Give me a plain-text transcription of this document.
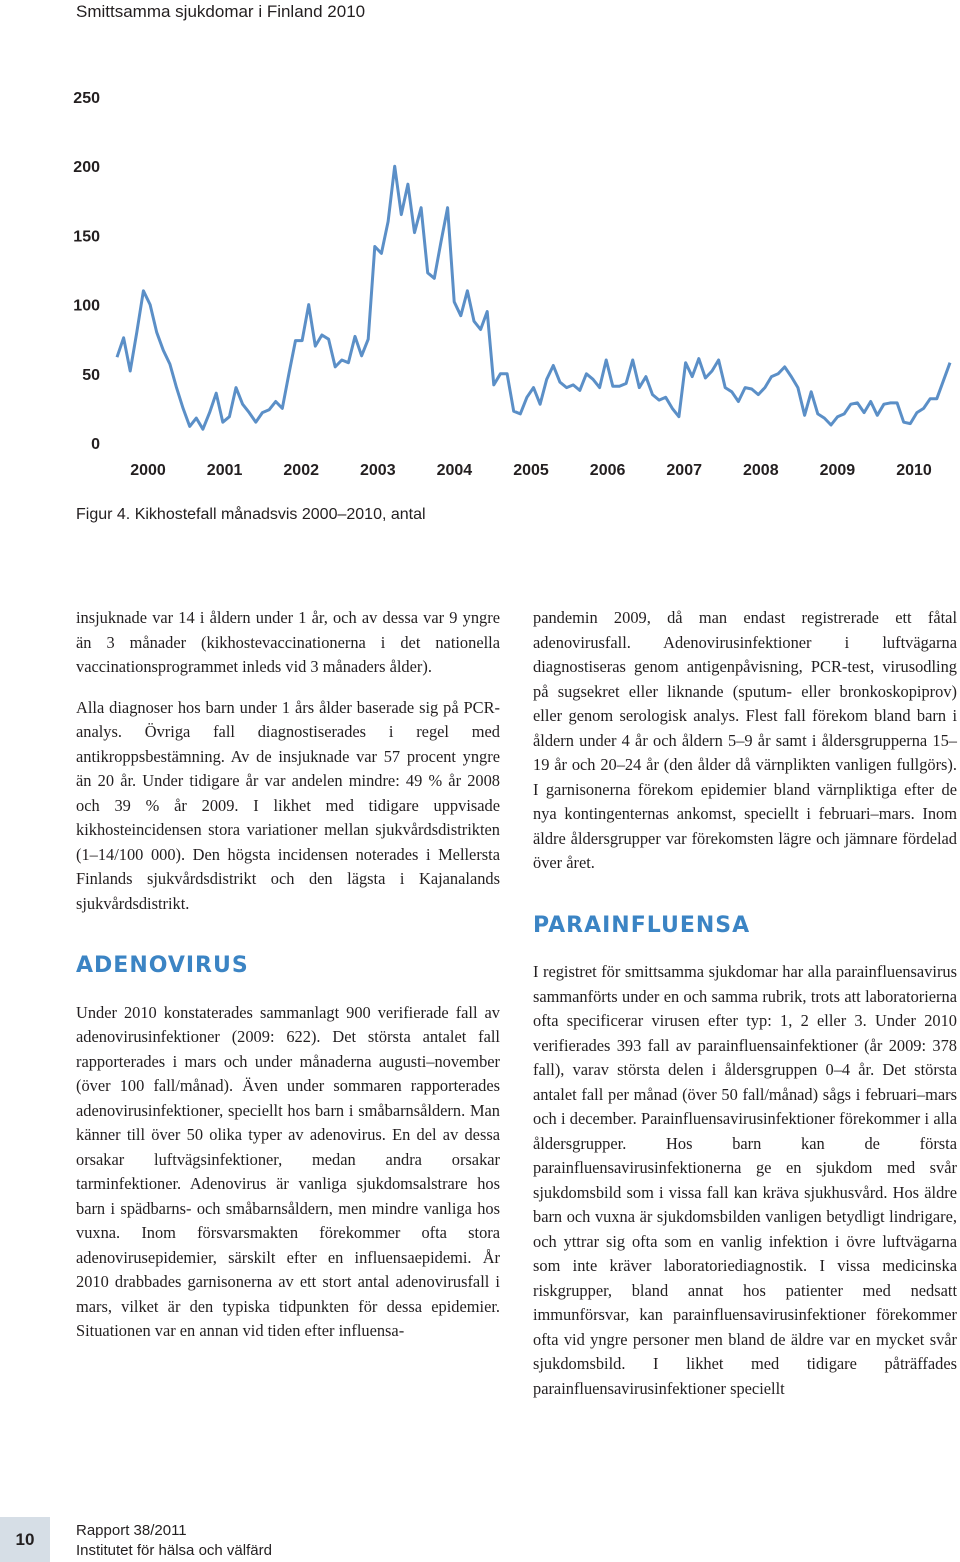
Smittsamma sjukdomar i Finland 2010
250
200
150
100
50
0
2000	2001	2002	2003	2004	2005	2006	2007	2008	2009	2010
Figur 4. Kikhostefall månadsvis 2000–2010, antal

insjuknade var 14 i åldern under 1 år, och av dessa var 9 yngre än 3 månader (kikhostevaccinationerna i det nationella vaccinationsprogrammet inleds vid 3 månaders ålder).

Alla diagnoser hos barn under 1 års ålder baserade sig på PCR-analys. Övriga fall diagnostiserades i regel med antikroppsbestämning. Av de insjuknade var 57 procent yngre än 20 år. Under tidigare år var andelen mindre: 49 % år 2008 och 39 % år 2009. I likhet med tidigare uppvisade kikhosteincidensen stora variationer mellan sjukvårdsdistrikten (1–14/100 000). Den högsta incidensen noterades i Mellersta Finlands sjukvårdsdistrikt och den lägsta i Kajanalands sjukvårdsdistrikt.

ADENOVIRUS

Under 2010 konstaterades sammanlagt 900 verifierade fall av adenovirusinfektioner (2009: 622). Det största antalet fall rapporterades i mars och under månaderna augusti–november (över 100 fall/månad). Även under sommaren rapporterades adenovirusinfektioner, speciellt hos barn i småbarnsåldern. Man känner till över 50 olika typer av adenovirus. En del av dessa orsakar luftvägsinfektioner, medan andra orsakar tarminfektioner. Adenovirus är vanliga sjukdomsalstrare hos barn i spädbarns- och småbarnsåldern, men mindre vanliga hos vuxna. Inom försvarsmakten förekommer ofta stora adenovirusepidemier, särskilt efter en influensaepidemi. År 2010 drabbades garnisonerna av ett stort antal adenovirusfall i mars, vilket är den typiska tidpunkten för dessa epidemier. Situationen var en annan vid tiden efter influensa-

pandemin 2009, då man endast registrerade ett fåtal adenovirusfall. Adenovirusinfektioner i luftvägarna diagnostiseras genom antigenpåvisning, PCR-test, virusodling på sugsekret eller liknande (sputum- eller bronkoskopiprov) eller genom serologisk analys. Flest fall förekom bland barn i åldern under 4 år och åldern 5–9 år samt i åldersgrupperna 15–19 år och 20–24 år (den ålder då värnplikten vanligen fullgörs). I garnisonerna förekom epidemier bland värnpliktiga efter de nya kontingenternas ankomst, speciellt i februari–mars. Inom äldre åldersgrupper var förekomsten lägre och jämnare fördelad över året.

PARAINFLUENSA

I registret för smittsamma sjukdomar har alla parainfluensavirus sammanförts under en och samma rubrik, trots att laboratorierna ofta specificerar virusen efter typ: 1, 2 eller 3. Under 2010 verifierades 393 fall av parainfluensainfektioner (år 2009: 378 fall), varav största delen i åldersgruppen 0–4 år. Det största antalet fall per månad (över 50 fall/månad) sågs i februari–mars och i december. Parainfluensavirusinfektioner förekommer i alla åldersgrupper. Hos barn kan de första parainfluensavirusinfektionerna ge en sjukdom med svår sjukdomsbild som i vissa fall kan kräva sjukhusvård. Hos äldre barn och vuxna är sjukdomsbilden vanligen betydligt lindrigare, och yttrar sig ofta som en vanlig infektion i övre luftvägarna som inte kräver laboratoriediagnostik. I vissa medicinska riskgrupper, bland annat hos patienter med nedsatt immunförsvar, kan parainfluensavirusinfektioner förekommer ofta vid yngre personer men bland de äldre var en mycket svår sjukdomsbild. I likhet med tidigare påträffades parainfluensavirusinfektioner speciellt

10	Rapport 38/2011
Institutet för hälsa och välfärd
